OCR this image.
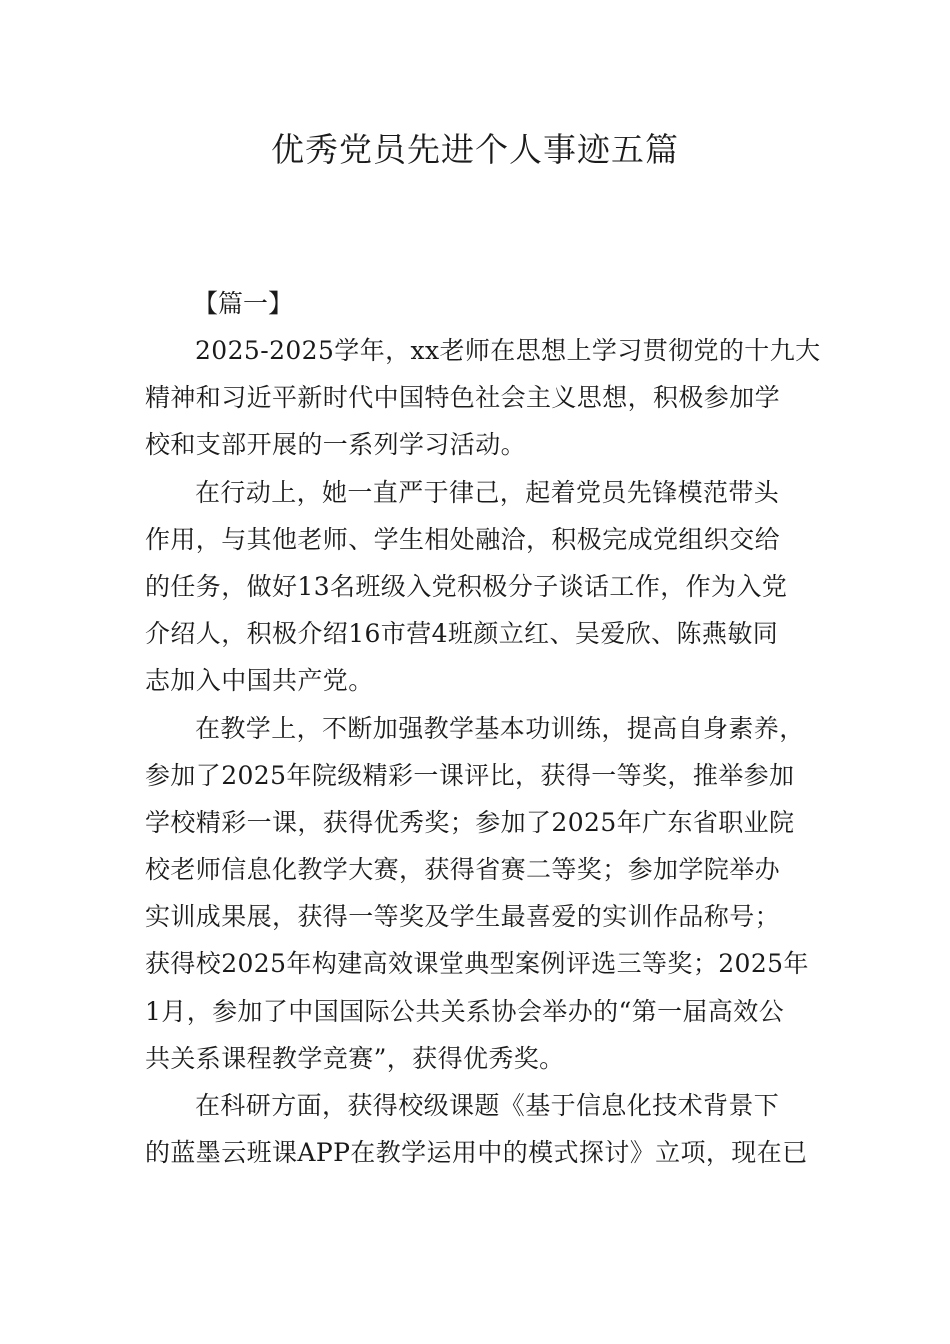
优秀党员先进个人事迹五篇

【篇一】

2025-2025学年，xx老师在思想上学习贯彻党的十九大
精神和习近平新时代中国特色社会主义思想，积极参加学
校和支部开展的一系列学习活动。

在行动上，她一直严于律己，起着党员先锋模范带头
作用，与其他老师、学生相处融洽，积极完成党组织交给
的任务，做好13名班级入党积极分子谈话工作，作为入党
介绍人，积极介绍16市营4班颜立红、吴爱欣、陈燕敏同
志加入中国共产党。

在教学上，不断加强教学基本功训练，提高自身素养，
参加了2025年院级精彩一课评比，获得一等奖，推举参加
学校精彩一课，获得优秀奖；参加了2025年广东省职业院
校老师信息化教学大赛，获得省赛二等奖；参加学院举办
实训成果展，获得一等奖及学生最喜爱的实训作品称号；
获得校2025年构建高效课堂典型案例评选三等奖；2025年
1月，参加了中国国际公共关系协会举办的“第一届高效公
共关系课程教学竞赛”，获得优秀奖。

在科研方面，获得校级课题《基于信息化技术背景下
的蓝墨云班课APP在教学运用中的模式探讨》立项，现在已
